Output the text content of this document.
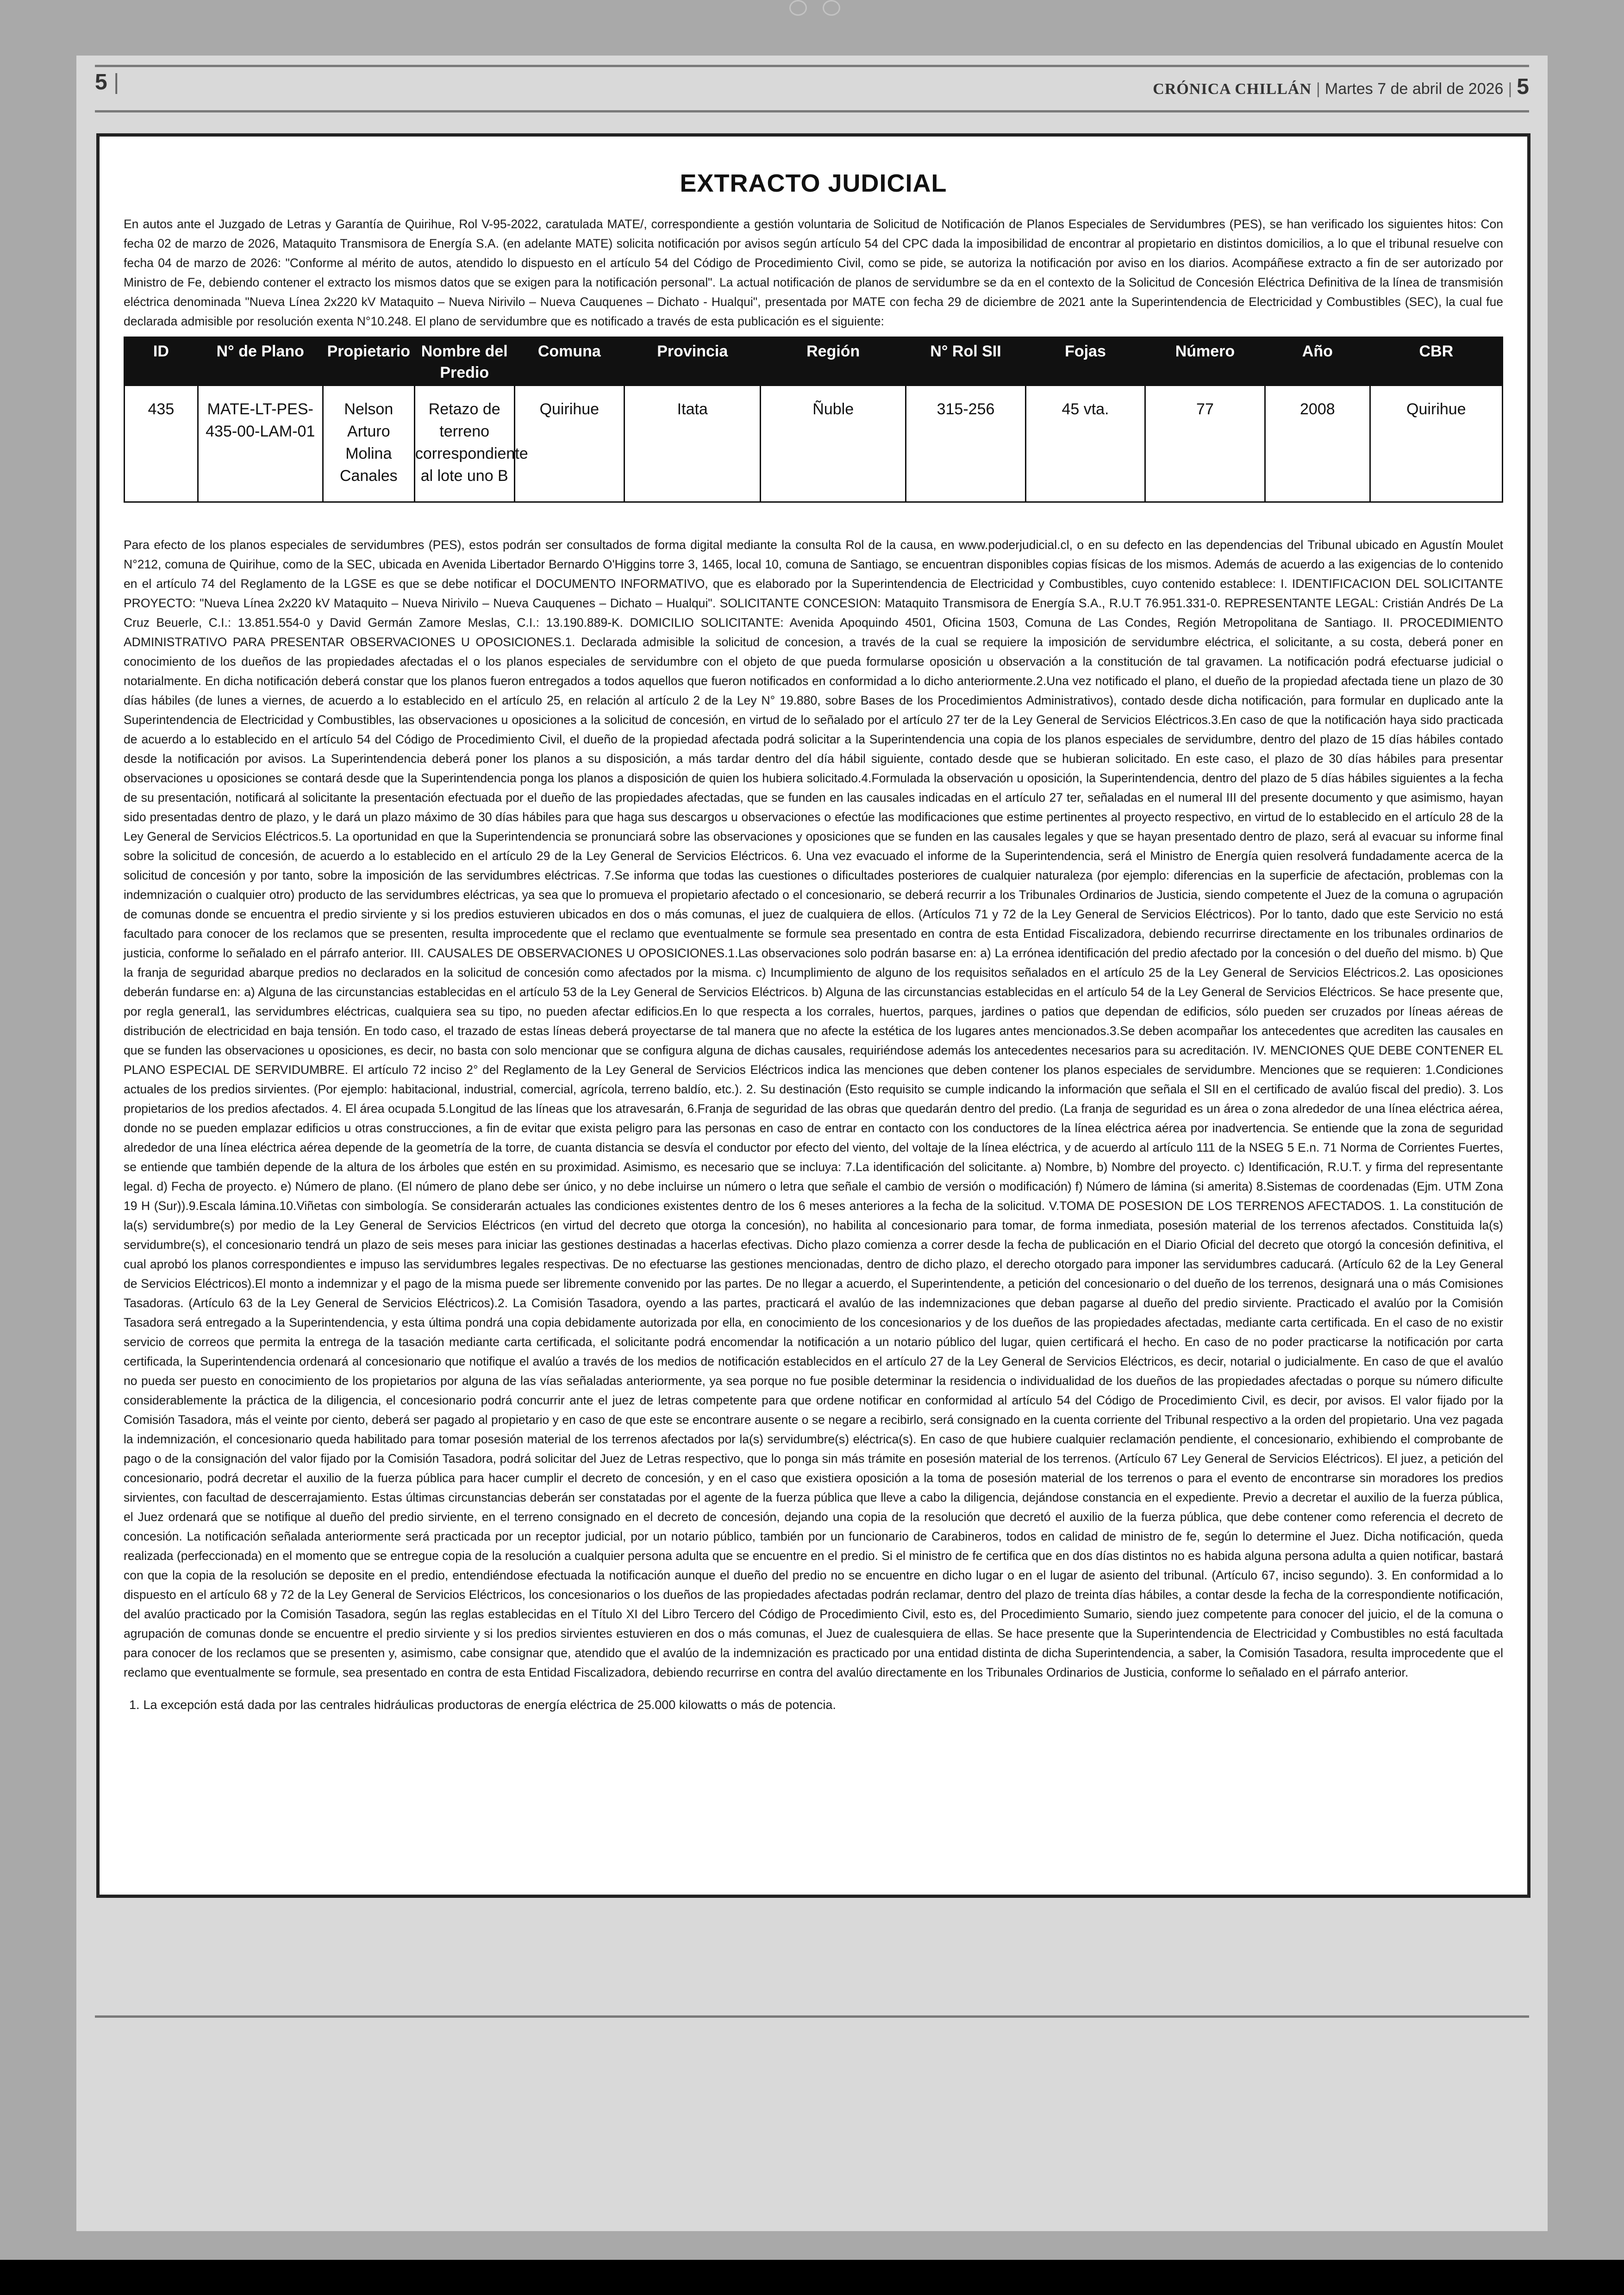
5 |	CRÓNICA CHILLÁN | Martes 7 de abril de 2026 | 5
EXTRACTO JUDICIAL

En autos ante el Juzgado de Letras y Garantía de Quirihue, Rol V-95-2022, caratulada MATE/, correspondiente a gestión voluntaria de Solicitud de Notificación de Planos Especiales de Servidumbres (PES), se han verificado los siguientes hitos: Con fecha 02 de marzo de 2026, Mataquito Transmisora de Energía S.A. (en adelante MATE) solicita notificación por avisos según artículo 54 del CPC dada la imposibilidad de encontrar al propietario en distintos domicilios, a lo que el tribunal resuelve con fecha 04 de marzo de 2026: "Conforme al mérito de autos, atendido lo dispuesto en el artículo 54 del Código de Procedimiento Civil, como se pide, se autoriza la notificación por aviso en los diarios. Acompáñese extracto a fin de ser autorizado por Ministro de Fe, debiendo contener el extracto los mismos datos que se exigen para la notificación personal". La actual notificación de planos de servidumbre se da en el contexto de la Solicitud de Concesión Eléctrica Definitiva de la línea de transmisión eléctrica denominada "Nueva Línea 2x220 kV Mataquito – Nueva Nirivilo – Nueva Cauquenes – Dichato - Hualqui", presentada por MATE con fecha 29 de diciembre de 2021 ante la Superintendencia de Electricidad y Combustibles (SEC), la cual fue declarada admisible por resolución exenta N°10.248. El plano de servidumbre que es notificado a través de esta publicación es el siguiente:

ID	N° de Plano	Propietario	Nombre del Predio	Comuna	Provincia	Región	N° Rol SII	Fojas	Número	Año	CBR
435	MATE-LT-PES-435-00-LAM-01	Nelson Arturo Molina Canales	Retazo de terreno correspondiente al lote uno B	Quirihue	Itata	Ñuble	315-256	45 vta.	77	2008	Quirihue

Para efecto de los planos especiales de servidumbres (PES), estos podrán ser consultados de forma digital mediante la consulta Rol de la causa, en www.poderjudicial.cl, o en su defecto en las dependencias del Tribunal ubicado en Agustín Moulet N°212, comuna de Quirihue, como de la SEC, ubicada en Avenida Libertador Bernardo O'Higgins torre 3, 1465, local 10, comuna de Santiago, se encuentran disponibles copias físicas de los mismos. Además de acuerdo a las exigencias de lo contenido en el artículo 74 del Reglamento de la LGSE es que se debe notificar el DOCUMENTO INFORMATIVO, que es elaborado por la Superintendencia de Electricidad y Combustibles, cuyo contenido establece: I. IDENTIFICACION DEL SOLICITANTE PROYECTO: "Nueva Línea 2x220 kV Mataquito – Nueva Nirivilo – Nueva Cauquenes – Dichato – Hualqui". SOLICITANTE CONCESION: Mataquito Transmisora de Energía S.A., R.U.T 76.951.331-0. REPRESENTANTE LEGAL: Cristián Andrés De La Cruz Beuerle, C.I.: 13.851.554-0 y David Germán Zamore Meslas, C.I.: 13.190.889-K. DOMICILIO SOLICITANTE: Avenida Apoquindo 4501, Oficina 1503, Comuna de Las Condes, Región Metropolitana de Santiago. II. PROCEDIMIENTO ADMINISTRATIVO PARA PRESENTAR OBSERVACIONES U OPOSICIONES.1. Declarada admisible la solicitud de concesion, a través de la cual se requiere la imposición de servidumbre eléctrica, el solicitante, a su costa, deberá poner en conocimiento de los dueños de las propiedades afectadas el o los planos especiales de servidumbre con el objeto de que pueda formularse oposición u observación a la constitución de tal gravamen. La notificación podrá efectuarse judicial o notarialmente. En dicha notificación deberá constar que los planos fueron entregados a todos aquellos que fueron notificados en conformidad a lo dicho anteriormente.2.Una vez notificado el plano, el dueño de la propiedad afectada tiene un plazo de 30 días hábiles (de lunes a viernes, de acuerdo a lo establecido en el artículo 25, en relación al artículo 2 de la Ley N° 19.880, sobre Bases de los Procedimientos Administrativos), contado desde dicha notificación, para formular en duplicado ante la Superintendencia de Electricidad y Combustibles, las observaciones u oposiciones a la solicitud de concesión, en virtud de lo señalado por el artículo 27 ter de la Ley General de Servicios Eléctricos.3.En caso de que la notificación haya sido practicada de acuerdo a lo establecido en el artículo 54 del Código de Procedimiento Civil, el dueño de la propiedad afectada podrá solicitar a la Superintendencia una copia de los planos especiales de servidumbre, dentro del plazo de 15 días hábiles contado desde la notificación por avisos. La Superintendencia deberá poner los planos a su disposición, a más tardar dentro del día hábil siguiente, contado desde que se hubieran solicitado. En este caso, el plazo de 30 días hábiles para presentar observaciones u oposiciones se contará desde que la Superintendencia ponga los planos a disposición de quien los hubiera solicitado.4.Formulada la observación u oposición, la Superintendencia, dentro del plazo de 5 días hábiles siguientes a la fecha de su presentación, notificará al solicitante la presentación efectuada por el dueño de las propiedades afectadas, que se funden en las causales indicadas en el artículo 27 ter, señaladas en el numeral III del presente documento y que asimismo, hayan sido presentadas dentro de plazo, y le dará un plazo máximo de 30 días hábiles para que haga sus descargos u observaciones o efectúe las modificaciones que estime pertinentes al proyecto respectivo, en virtud de lo establecido en el artículo 28 de la Ley General de Servicios Eléctricos.5. La oportunidad en que la Superintendencia se pronunciará sobre las observaciones y oposiciones que se funden en las causales legales y que se hayan presentado dentro de plazo, será al evacuar su informe final sobre la solicitud de concesión, de acuerdo a lo establecido en el artículo 29 de la Ley General de Servicios Eléctricos. 6. Una vez evacuado el informe de la Superintendencia, será el Ministro de Energía quien resolverá fundadamente acerca de la solicitud de concesión y por tanto, sobre la imposición de las servidumbres eléctricas. 7.Se informa que todas las cuestiones o dificultades posteriores de cualquier naturaleza (por ejemplo: diferencias en la superficie de afectación, problemas con la indemnización o cualquier otro) producto de las servidumbres eléctricas, ya sea que lo promueva el propietario afectado o el concesionario, se deberá recurrir a los Tribunales Ordinarios de Justicia, siendo competente el Juez de la comuna o agrupación de comunas donde se encuentra el predio sirviente y si los predios estuvieren ubicados en dos o más comunas, el juez de cualquiera de ellos. (Artículos 71 y 72 de la Ley General de Servicios Eléctricos). Por lo tanto, dado que este Servicio no está facultado para conocer de los reclamos que se presenten, resulta improcedente que el reclamo que eventualmente se formule sea presentado en contra de esta Entidad Fiscalizadora, debiendo recurrirse directamente en los tribunales ordinarios de justicia, conforme lo señalado en el párrafo anterior. III. CAUSALES DE OBSERVACIONES U OPOSICIONES.1.Las observaciones solo podrán basarse en: a) La errónea identificación del predio afectado por la concesión o del dueño del mismo. b) Que la franja de seguridad abarque predios no declarados en la solicitud de concesión como afectados por la misma. c) Incumplimiento de alguno de los requisitos señalados en el artículo 25 de la Ley General de Servicios Eléctricos.2. Las oposiciones deberán fundarse en: a) Alguna de las circunstancias establecidas en el artículo 53 de la Ley General de Servicios Eléctricos. b) Alguna de las circunstancias establecidas en el artículo 54 de la Ley General de Servicios Eléctricos. Se hace presente que, por regla general1, las servidumbres eléctricas, cualquiera sea su tipo, no pueden afectar edificios.En lo que respecta a los corrales, huertos, parques, jardines o patios que dependan de edificios, sólo pueden ser cruzados por líneas aéreas de distribución de electricidad en baja tensión. En todo caso, el trazado de estas líneas deberá proyectarse de tal manera que no afecte la estética de los lugares antes mencionados.3.Se deben acompañar los antecedentes que acrediten las causales en que se funden las observaciones u oposiciones, es decir, no basta con solo mencionar que se configura alguna de dichas causales, requiriéndose además los antecedentes necesarios para su acreditación. IV. MENCIONES QUE DEBE CONTENER EL PLANO ESPECIAL DE SERVIDUMBRE. El artículo 72 inciso 2° del Reglamento de la Ley General de Servicios Eléctricos indica las menciones que deben contener los planos especiales de servidumbre. Menciones que se requieren: 1.Condiciones actuales de los predios sirvientes. (Por ejemplo: habitacional, industrial, comercial, agrícola, terreno baldío, etc.). 2. Su destinación (Esto requisito se cumple indicando la información que señala el SII en el certificado de avalúo fiscal del predio). 3. Los propietarios de los predios afectados. 4. El área ocupada 5.Longitud de las líneas que los atravesarán, 6.Franja de seguridad de las obras que quedarán dentro del predio. (La franja de seguridad es un área o zona alrededor de una línea eléctrica aérea, donde no se pueden emplazar edificios u otras construcciones, a fin de evitar que exista peligro para las personas en caso de entrar en contacto con los conductores de la línea eléctrica aérea por inadvertencia. Se entiende que la zona de seguridad alrededor de una línea eléctrica aérea depende de la geometría de la torre, de cuanta distancia se desvía el conductor por efecto del viento, del voltaje de la línea eléctrica, y de acuerdo al artículo 111 de la NSEG 5 E.n. 71 Norma de Corrientes Fuertes, se entiende que también depende de la altura de los árboles que estén en su proximidad. Asimismo, es necesario que se incluya: 7.La identificación del solicitante. a) Nombre, b) Nombre del proyecto. c) Identificación, R.U.T. y firma del representante legal. d) Fecha de proyecto. e) Número de plano. (El número de plano debe ser único, y no debe incluirse un número o letra que señale el cambio de versión o modificación) f) Número de lámina (si amerita) 8.Sistemas de coordenadas (Ejm. UTM Zona 19 H (Sur)).9.Escala lámina.10.Viñetas con simbología. Se considerarán actuales las condiciones existentes dentro de los 6 meses anteriores a la fecha de la solicitud. V.TOMA DE POSESION DE LOS TERRENOS AFECTADOS. 1. La constitución de la(s) servidumbre(s) por medio de la Ley General de Servicios Eléctricos (en virtud del decreto que otorga la concesión), no habilita al concesionario para tomar, de forma inmediata, posesión material de los terrenos afectados. Constituida la(s) servidumbre(s), el concesionario tendrá un plazo de seis meses para iniciar las gestiones destinadas a hacerlas efectivas. Dicho plazo comienza a correr desde la fecha de publicación en el Diario Oficial del decreto que otorgó la concesión definitiva, el cual aprobó los planos correspondientes e impuso las servidumbres legales respectivas. De no efectuarse las gestiones mencionadas, dentro de dicho plazo, el derecho otorgado para imponer las servidumbres caducará. (Artículo 62 de la Ley General de Servicios Eléctricos).El monto a indemnizar y el pago de la misma puede ser libremente convenido por las partes. De no llegar a acuerdo, el Superintendente, a petición del concesionario o del dueño de los terrenos, designará una o más Comisiones Tasadoras. (Artículo 63 de la Ley General de Servicios Eléctricos).2. La Comisión Tasadora, oyendo a las partes, practicará el avalúo de las indemnizaciones que deban pagarse al dueño del predio sirviente. Practicado el avalúo por la Comisión Tasadora será entregado a la Superintendencia, y esta última pondrá una copia debidamente autorizada por ella, en conocimiento de los concesionarios y de los dueños de las propiedades afectadas, mediante carta certificada. En el caso de no existir servicio de correos que permita la entrega de la tasación mediante carta certificada, el solicitante podrá encomendar la notificación a un notario público del lugar, quien certificará el hecho. En caso de no poder practicarse la notificación por carta certificada, la Superintendencia ordenará al concesionario que notifique el avalúo a través de los medios de notificación establecidos en el artículo 27 de la Ley General de Servicios Eléctricos, es decir, notarial o judicialmente. En caso de que el avalúo no pueda ser puesto en conocimiento de los propietarios por alguna de las vías señaladas anteriormente, ya sea porque no fue posible determinar la residencia o individualidad de los dueños de las propiedades afectadas o porque su número dificulte considerablemente la práctica de la diligencia, el concesionario podrá concurrir ante el juez de letras competente para que ordene notificar en conformidad al artículo 54 del Código de Procedimiento Civil, es decir, por avisos. El valor fijado por la Comisión Tasadora, más el veinte por ciento, deberá ser pagado al propietario y en caso de que este se encontrare ausente o se negare a recibirlo, será consignado en la cuenta corriente del Tribunal respectivo a la orden del propietario. Una vez pagada la indemnización, el concesionario queda habilitado para tomar posesión material de los terrenos afectados por la(s) servidumbre(s) eléctrica(s). En caso de que hubiere cualquier reclamación pendiente, el concesionario, exhibiendo el comprobante de pago o de la consignación del valor fijado por la Comisión Tasadora, podrá solicitar del Juez de Letras respectivo, que lo ponga sin más trámite en posesión material de los terrenos. (Artículo 67 Ley General de Servicios Eléctricos). El juez, a petición del concesionario, podrá decretar el auxilio de la fuerza pública para hacer cumplir el decreto de concesión, y en el caso que existiera oposición a la toma de posesión material de los terrenos o para el evento de encontrarse sin moradores los predios sirvientes, con facultad de descerrajamiento. Estas últimas circunstancias deberán ser constatadas por el agente de la fuerza pública que lleve a cabo la diligencia, dejándose constancia en el expediente. Previo a decretar el auxilio de la fuerza pública, el Juez ordenará que se notifique al dueño del predio sirviente, en el terreno consignado en el decreto de concesión, dejando una copia de la resolución que decretó el auxilio de la fuerza pública, que debe contener como referencia el decreto de concesión. La notificación señalada anteriormente será practicada por un receptor judicial, por un notario público, también por un funcionario de Carabineros, todos en calidad de ministro de fe, según lo determine el Juez. Dicha notificación, queda realizada (perfeccionada) en el momento que se entregue copia de la resolución a cualquier persona adulta que se encuentre en el predio. Si el ministro de fe certifica que en dos días distintos no es habida alguna persona adulta a quien notificar, bastará con que la copia de la resolución se deposite en el predio, entendiéndose efectuada la notificación aunque el dueño del predio no se encuentre en dicho lugar o en el lugar de asiento del tribunal. (Artículo 67, inciso segundo). 3. En conformidad a lo dispuesto en el artículo 68 y 72 de la Ley General de Servicios Eléctricos, los concesionarios o los dueños de las propiedades afectadas podrán reclamar, dentro del plazo de treinta días hábiles, a contar desde la fecha de la correspondiente notificación, del avalúo practicado por la Comisión Tasadora, según las reglas establecidas en el Título XI del Libro Tercero del Código de Procedimiento Civil, esto es, del Procedimiento Sumario, siendo juez competente para conocer del juicio, el de la comuna o agrupación de comunas donde se encuentre el predio sirviente y si los predios sirvientes estuvieren en dos o más comunas, el Juez de cualesquiera de ellas. Se hace presente que la Superintendencia de Electricidad y Combustibles no está facultada para conocer de los reclamos que se presenten y, asimismo, cabe consignar que, atendido que el avalúo de la indemnización es practicado por una entidad distinta de dicha Superintendencia, a saber, la Comisión Tasadora, resulta improcedente que el reclamo que eventualmente se formule, sea presentado en contra de esta Entidad Fiscalizadora, debiendo recurrirse en contra del avalúo directamente en los Tribunales Ordinarios de Justicia, conforme lo señalado en el párrafo anterior.

1. La excepción está dada por las centrales hidráulicas productoras de energía eléctrica de 25.000 kilowatts o más de potencia.
